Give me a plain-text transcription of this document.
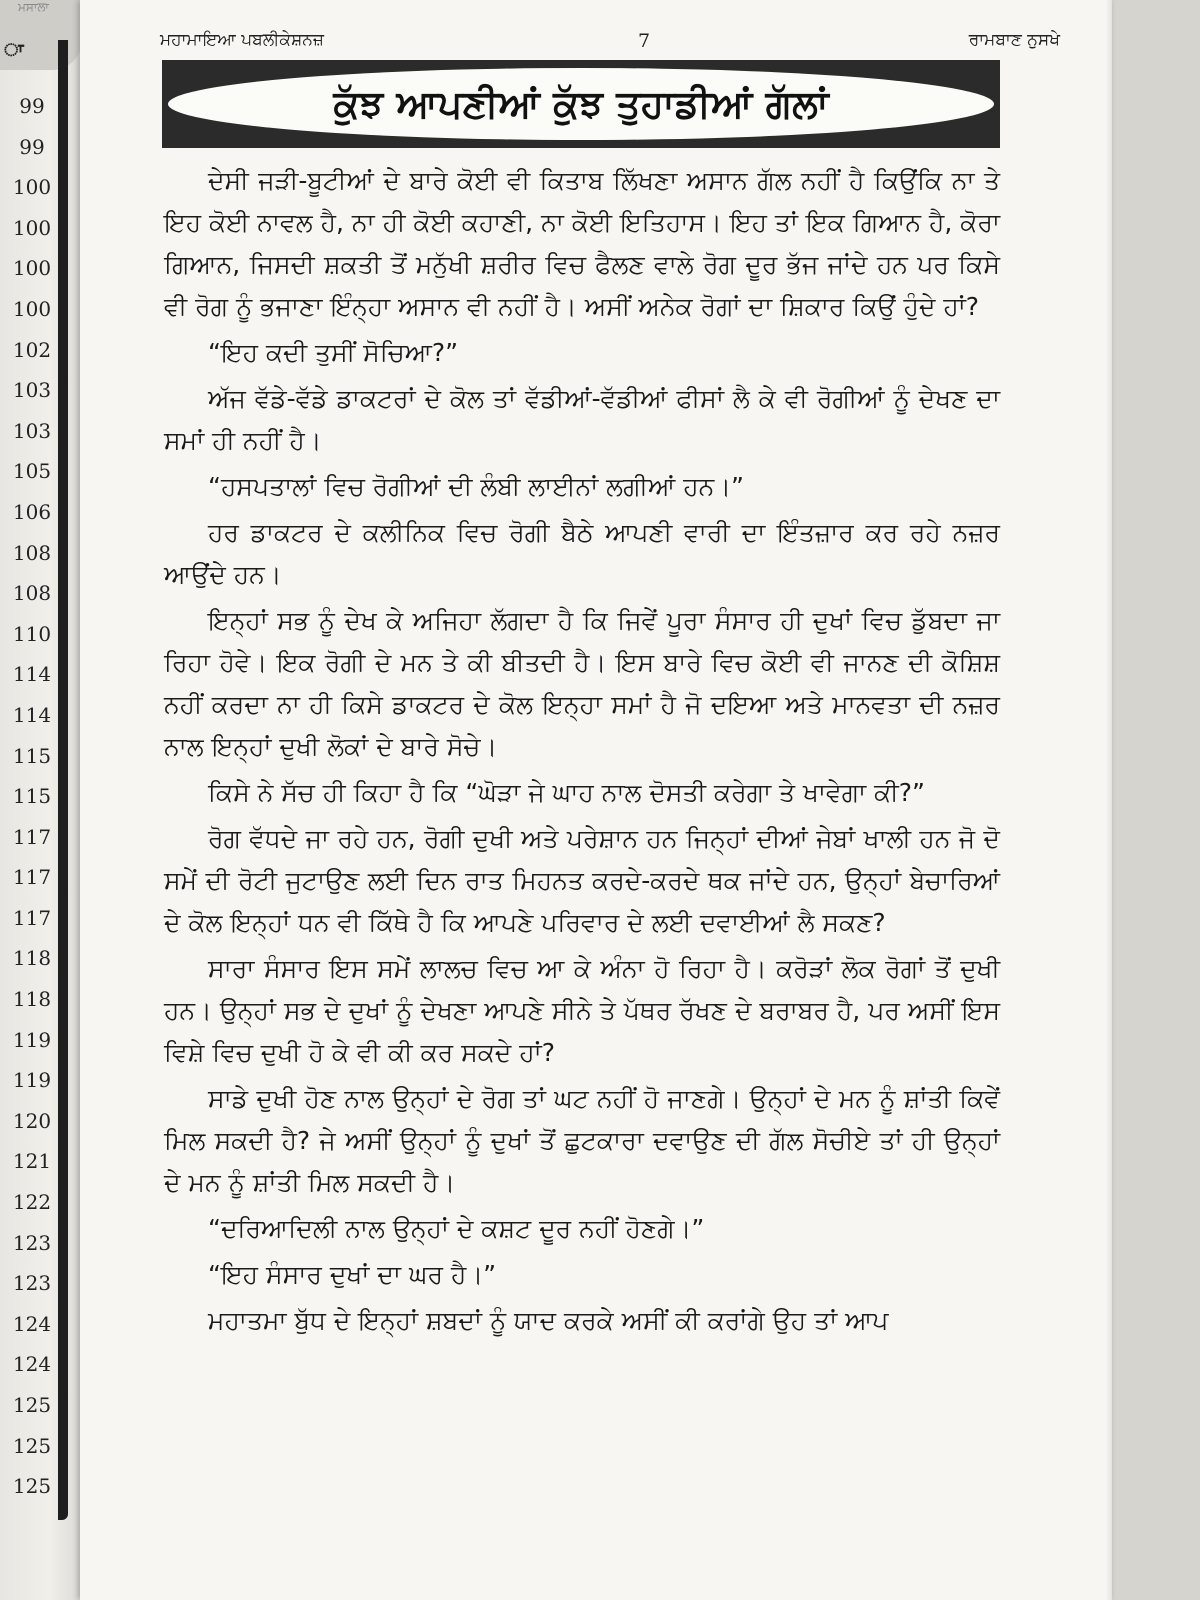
ਮਸਾਲਾ
ਾ
99
99
100
100
100
100
102
103
103
105
106
108
108
110
114
114
115
115
117
117
117
118
118
119
119
120
121
122
123
123
124
124
125
125
125
ਮਹਾਮਾਇਆ ਪਬਲੀਕੇਸ਼ਨਜ਼	7	ਰਾਮਬਾਣ ਨੁਸਖੇ
ਕੁੱਝ ਆਪਣੀਆਂ ਕੁੱਝ ਤੁਹਾਡੀਆਂ ਗੱਲਾਂ

ਦੇਸੀ ਜੜੀ-ਬੂਟੀਆਂ ਦੇ ਬਾਰੇ ਕੋਈ ਵੀ ਕਿਤਾਬ ਲਿੱਖਣਾ ਅਸਾਨ ਗੱਲ ਨਹੀਂ ਹੈ ਕਿਉਂਕਿ ਨਾ ਤੇ ਇਹ ਕੋਈ ਨਾਵਲ ਹੈ, ਨਾ ਹੀ ਕੋਈ ਕਹਾਣੀ, ਨਾ ਕੋਈ ਇਤਿਹਾਸ। ਇਹ ਤਾਂ ਇਕ ਗਿਆਨ ਹੈ, ਕੋਰਾ ਗਿਆਨ, ਜਿਸਦੀ ਸ਼ਕਤੀ ਤੋਂ ਮਨੁੱਖੀ ਸ਼ਰੀਰ ਵਿਚ ਫੈਲਣ ਵਾਲੇ ਰੋਗ ਦੂਰ ਭੱਜ ਜਾਂਦੇ ਹਨ ਪਰ ਕਿਸੇ ਵੀ ਰੋਗ ਨੂੰ ਭਜਾਣਾ ਇੰਨ੍ਹਾ ਅਸਾਨ ਵੀ ਨਹੀਂ ਹੈ। ਅਸੀਂ ਅਨੇਕ ਰੋਗਾਂ ਦਾ ਸ਼ਿਕਾਰ ਕਿਉਂ ਹੁੰਦੇ ਹਾਂ?

“ਇਹ ਕਦੀ ਤੁਸੀਂ ਸੋਚਿਆ?”

ਅੱਜ ਵੱਡੇ-ਵੱਡੇ ਡਾਕਟਰਾਂ ਦੇ ਕੋਲ ਤਾਂ ਵੱਡੀਆਂ-ਵੱਡੀਆਂ ਫੀਸਾਂ ਲੈ ਕੇ ਵੀ ਰੋਗੀਆਂ ਨੂੰ ਦੇਖਣ ਦਾ ਸਮਾਂ ਹੀ ਨਹੀਂ ਹੈ।

“ਹਸਪਤਾਲਾਂ ਵਿਚ ਰੋਗੀਆਂ ਦੀ ਲੰਬੀ ਲਾਈਨਾਂ ਲਗੀਆਂ ਹਨ।”

ਹਰ ਡਾਕਟਰ ਦੇ ਕਲੀਨਿਕ ਵਿਚ ਰੋਗੀ ਬੈਠੇ ਆਪਣੀ ਵਾਰੀ ਦਾ ਇੰਤਜ਼ਾਰ ਕਰ ਰਹੇ ਨਜ਼ਰ ਆਉਂਦੇ ਹਨ।

ਇਨ੍ਹਾਂ ਸਭ ਨੂੰ ਦੇਖ ਕੇ ਅਜਿਹਾ ਲੱਗਦਾ ਹੈ ਕਿ ਜਿਵੇਂ ਪੂਰਾ ਸੰਸਾਰ ਹੀ ਦੁਖਾਂ ਵਿਚ ਡੁੱਬਦਾ ਜਾ ਰਿਹਾ ਹੋਵੇ। ਇਕ ਰੋਗੀ ਦੇ ਮਨ ਤੇ ਕੀ ਬੀਤਦੀ ਹੈ। ਇਸ ਬਾਰੇ ਵਿਚ ਕੋਈ ਵੀ ਜਾਨਣ ਦੀ ਕੋਸ਼ਿਸ਼ ਨਹੀਂ ਕਰਦਾ ਨਾ ਹੀ ਕਿਸੇ ਡਾਕਟਰ ਦੇ ਕੋਲ ਇਨ੍ਹਾ ਸਮਾਂ ਹੈ ਜੋ ਦਇਆ ਅਤੇ ਮਾਨਵਤਾ ਦੀ ਨਜ਼ਰ ਨਾਲ ਇਨ੍ਹਾਂ ਦੁਖੀ ਲੋਕਾਂ ਦੇ ਬਾਰੇ ਸੋਚੇ।

ਕਿਸੇ ਨੇ ਸੱਚ ਹੀ ਕਿਹਾ ਹੈ ਕਿ “ਘੋੜਾ ਜੇ ਘਾਹ ਨਾਲ ਦੋਸਤੀ ਕਰੇਗਾ ਤੇ ਖਾਵੇਗਾ ਕੀ?”

ਰੋਗ ਵੱਧਦੇ ਜਾ ਰਹੇ ਹਨ, ਰੋਗੀ ਦੁਖੀ ਅਤੇ ਪਰੇਸ਼ਾਨ ਹਨ ਜਿਨ੍ਹਾਂ ਦੀਆਂ ਜੇਬਾਂ ਖਾਲੀ ਹਨ ਜੋ ਦੋ ਸਮੇਂ ਦੀ ਰੋਟੀ ਜੁਟਾਉਣ ਲਈ ਦਿਨ ਰਾਤ ਮਿਹਨਤ ਕਰਦੇ-ਕਰਦੇ ਥਕ ਜਾਂਦੇ ਹਨ, ਉਨ੍ਹਾਂ ਬੇਚਾਰਿਆਂ ਦੇ ਕੋਲ ਇਨ੍ਹਾਂ ਧਨ ਵੀ ਕਿੱਥੇ ਹੈ ਕਿ ਆਪਣੇ ਪਰਿਵਾਰ ਦੇ ਲਈ ਦਵਾਈਆਂ ਲੈ ਸਕਣ?

ਸਾਰਾ ਸੰਸਾਰ ਇਸ ਸਮੇਂ ਲਾਲਚ ਵਿਚ ਆ ਕੇ ਅੰਨਾ ਹੋ ਰਿਹਾ ਹੈ। ਕਰੋੜਾਂ ਲੋਕ ਰੋਗਾਂ ਤੋਂ ਦੁਖੀ ਹਨ। ਉਨ੍ਹਾਂ ਸਭ ਦੇ ਦੁਖਾਂ ਨੂੰ ਦੇਖਣਾ ਆਪਣੇ ਸੀਨੇ ਤੇ ਪੱਥਰ ਰੱਖਣ ਦੇ ਬਰਾਬਰ ਹੈ, ਪਰ ਅਸੀਂ ਇਸ ਵਿਸ਼ੇ ਵਿਚ ਦੁਖੀ ਹੋ ਕੇ ਵੀ ਕੀ ਕਰ ਸਕਦੇ ਹਾਂ?

ਸਾਡੇ ਦੁਖੀ ਹੋਣ ਨਾਲ ਉਨ੍ਹਾਂ ਦੇ ਰੋਗ ਤਾਂ ਘਟ ਨਹੀਂ ਹੋ ਜਾਣਗੇ। ਉਨ੍ਹਾਂ ਦੇ ਮਨ ਨੂੰ ਸ਼ਾਂਤੀ ਕਿਵੇਂ ਮਿਲ ਸਕਦੀ ਹੈ? ਜੇ ਅਸੀਂ ਉਨ੍ਹਾਂ ਨੂੰ ਦੁਖਾਂ ਤੋਂ ਛੁਟਕਾਰਾ ਦਵਾਉਣ ਦੀ ਗੱਲ ਸੋਚੀਏ ਤਾਂ ਹੀ ਉਨ੍ਹਾਂ ਦੇ ਮਨ ਨੂੰ ਸ਼ਾਂਤੀ ਮਿਲ ਸਕਦੀ ਹੈ।

“ਦਰਿਆਦਿਲੀ ਨਾਲ ਉਨ੍ਹਾਂ ਦੇ ਕਸ਼ਟ ਦੂਰ ਨਹੀਂ ਹੋਣਗੇ।”

“ਇਹ ਸੰਸਾਰ ਦੁਖਾਂ ਦਾ ਘਰ ਹੈ।”

ਮਹਾਤਮਾ ਬੁੱਧ ਦੇ ਇਨ੍ਹਾਂ ਸ਼ਬਦਾਂ ਨੂੰ ਯਾਦ ਕਰਕੇ ਅਸੀਂ ਕੀ ਕਰਾਂਗੇ ਉਹ ਤਾਂ ਆਪ
